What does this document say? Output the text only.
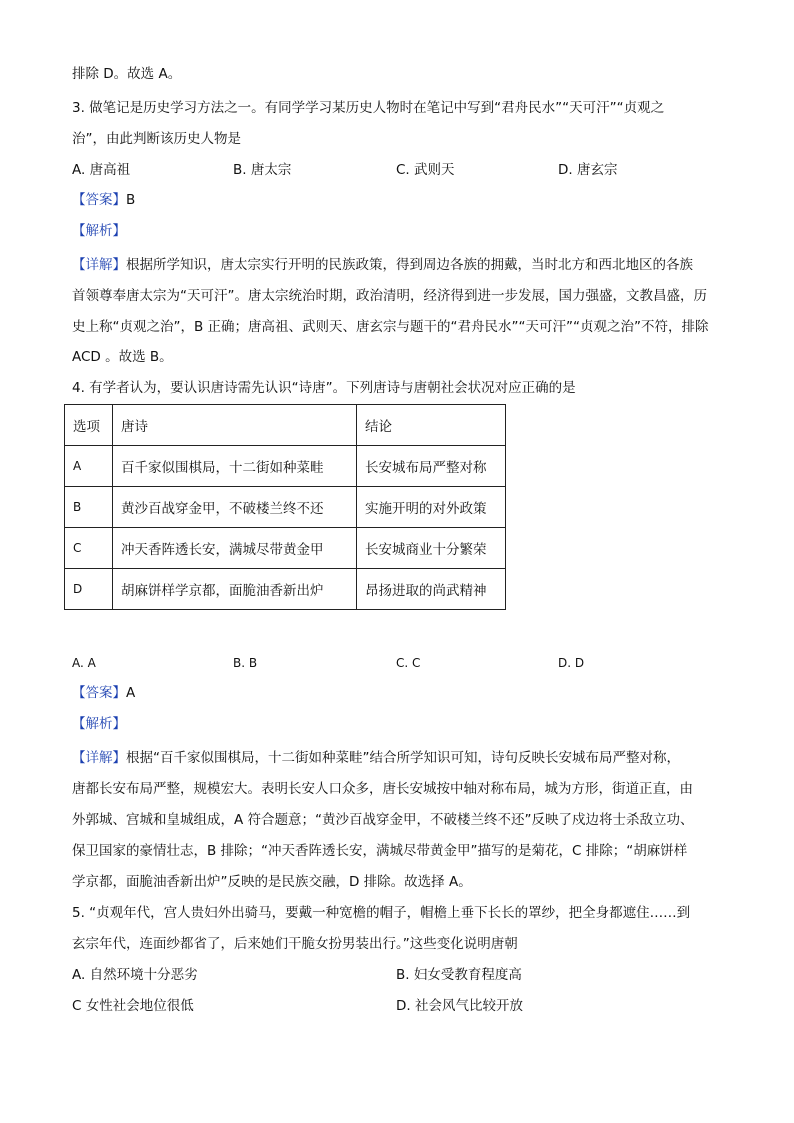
排除 D。故选 A。
3. 做笔记是历史学习方法之一。有同学学习某历史人物时在笔记中写到“君舟民水”“天可汗”“贞观之
治”，由此判断该历史人物是
A. 唐高祖	B. 唐太宗	C. 武则天	D. 唐玄宗
【答案】B
【解析】
【详解】根据所学知识，唐太宗实行开明的民族政策，得到周边各族的拥戴，当时北方和西北地区的各族
首领尊奉唐太宗为“天可汗”。唐太宗统治时期，政治清明，经济得到进一步发展，国力强盛，文教昌盛，历
史上称“贞观之治”，B 正确；唐高祖、武则天、唐玄宗与题干的“君舟民水”“天可汗”“贞观之治”不符，排除
ACD 。故选 B。
4. 有学者认为，要认识唐诗需先认识“诗唐”。下列唐诗与唐朝社会状况对应正确的是
选项	唐诗	结论
A	百千家似围棋局，十二街如种菜畦	长安城布局严整对称
B	黄沙百战穿金甲，不破楼兰终不还	实施开明的对外政策
C	冲天香阵透长安，满城尽带黄金甲	长安城商业十分繁荣
D	胡麻饼样学京都，面脆油香新出炉	昂扬进取的尚武精神
A. A	B. B	C. C	D. D
【答案】A
【解析】
【详解】根据“百千家似围棋局，十二街如种菜畦”结合所学知识可知，诗句反映长安城布局严整对称，
唐都长安布局严整，规模宏大。表明长安人口众多，唐长安城按中轴对称布局，城为方形，街道正直，由
外郭城、宫城和皇城组成，A 符合题意；“黄沙百战穿金甲，不破楼兰终不还”反映了戍边将士杀敌立功、
保卫国家的豪情壮志，B 排除；“冲天香阵透长安，满城尽带黄金甲”描写的是菊花，C 排除；“胡麻饼样
学京都，面脆油香新出炉”反映的是民族交融，D 排除。故选择 A。
5. “贞观年代，宫人贵妇外出骑马，要戴一种宽檐的帽子，帽檐上垂下长长的罩纱，把全身都遮住……到
玄宗年代，连面纱都省了，后来她们干脆女扮男装出行。”这些变化说明唐朝
A. 自然环境十分恶劣	B. 妇女受教育程度高
C 女性社会地位很低	D. 社会风气比较开放
